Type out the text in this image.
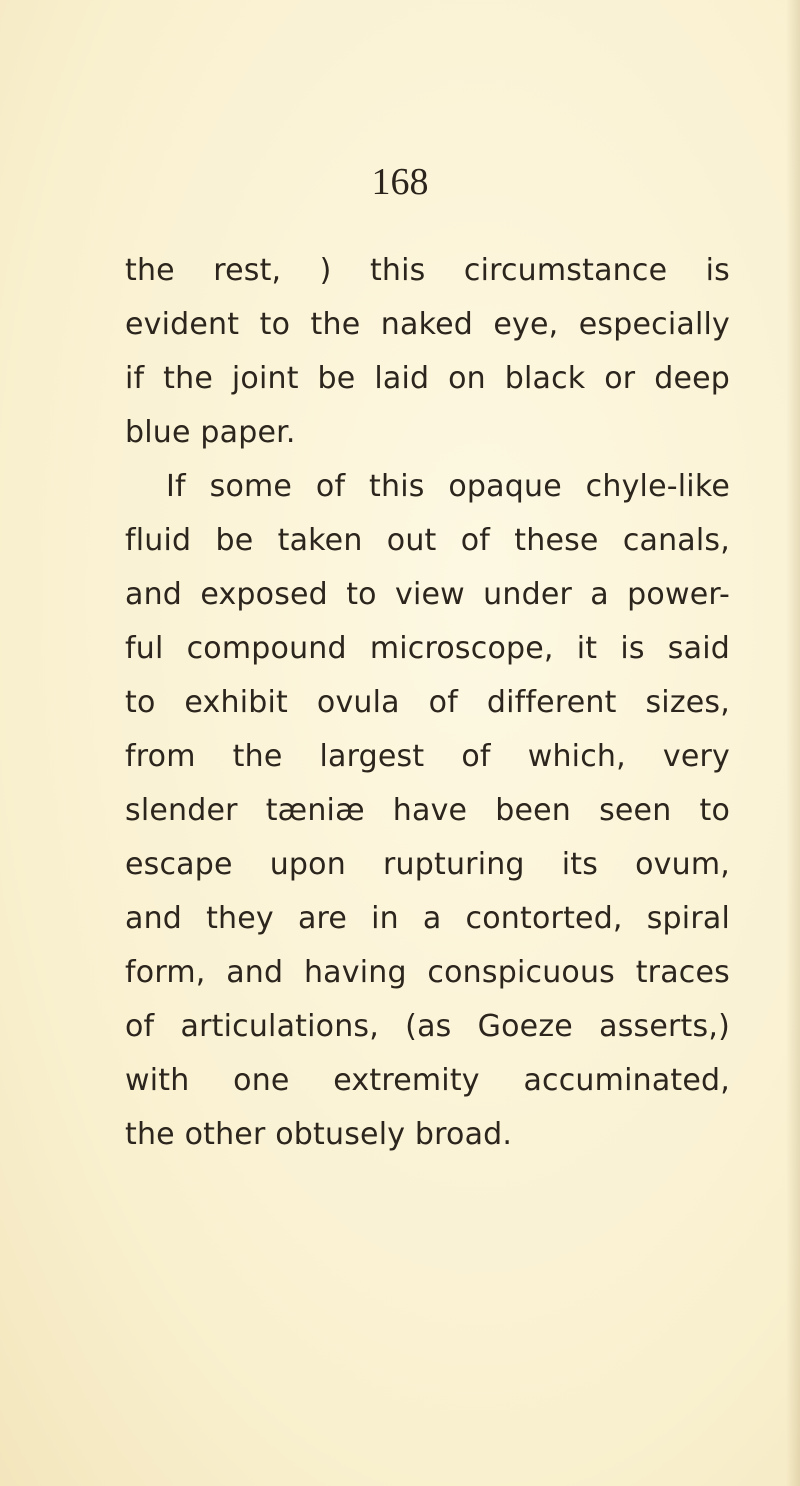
168
the rest, ) this circumstance is
evident to the naked eye, especially
if the joint be laid on black or deep
blue paper.
If some of this opaque chyle-like
fluid be taken out of these canals,
and exposed to view under a power-
ful compound microscope, it is said
to exhibit ovula of different sizes,
from the largest of which, very
slender tæniæ have been seen to
escape upon rupturing its ovum,
and they are in a contorted, spiral
form, and having conspicuous traces
of articulations, (as Goeze asserts,)
with one extremity accuminated,
the other obtusely broad.
